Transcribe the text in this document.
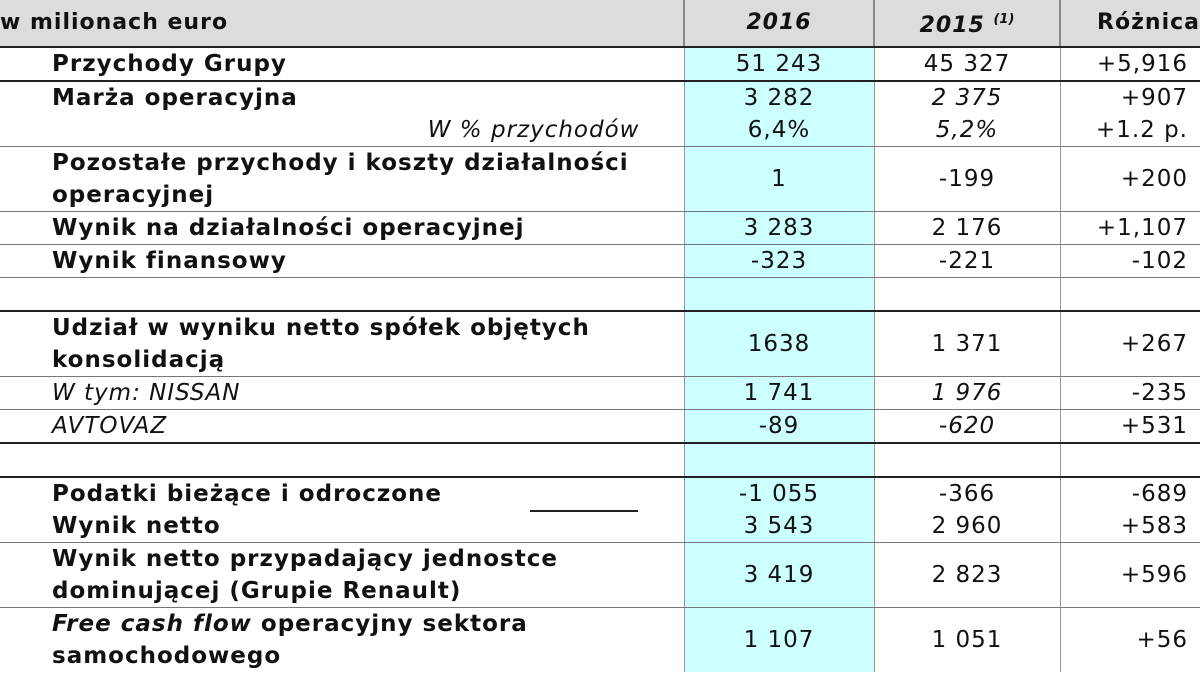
w milionach euro	2016	2015 $^{(1)}$	Różnica
Przychody Grupy	51 243	45 327	+5,916
Marża operacyjna	3 282	2 375	+907
W % przychodów	6,4%	5,2%	+1.2 p.
Pozostałe przychody i koszty działalności operacyjnej	1	-199	+200
Wynik na działalności operacyjnej	3 283	2 176	+1,107
Wynik finansowy	-323	-221	-102

Udział w wyniku netto spółek objętych konsolidacją	1638	1 371	+267
W tym: NISSAN	1 741	1 976	-235
AVTOVAZ	-89	-620	+531

Podatki bieżące i odroczone	-1 055	-366	-689
Wynik netto	3 543	2 960	+583
Wynik netto przypadający jednostce dominującej (Grupie Renault)	3 419	2 823	+596
Free cash flow operacyjny sektora samochodowego	1 107	1 051	+56
